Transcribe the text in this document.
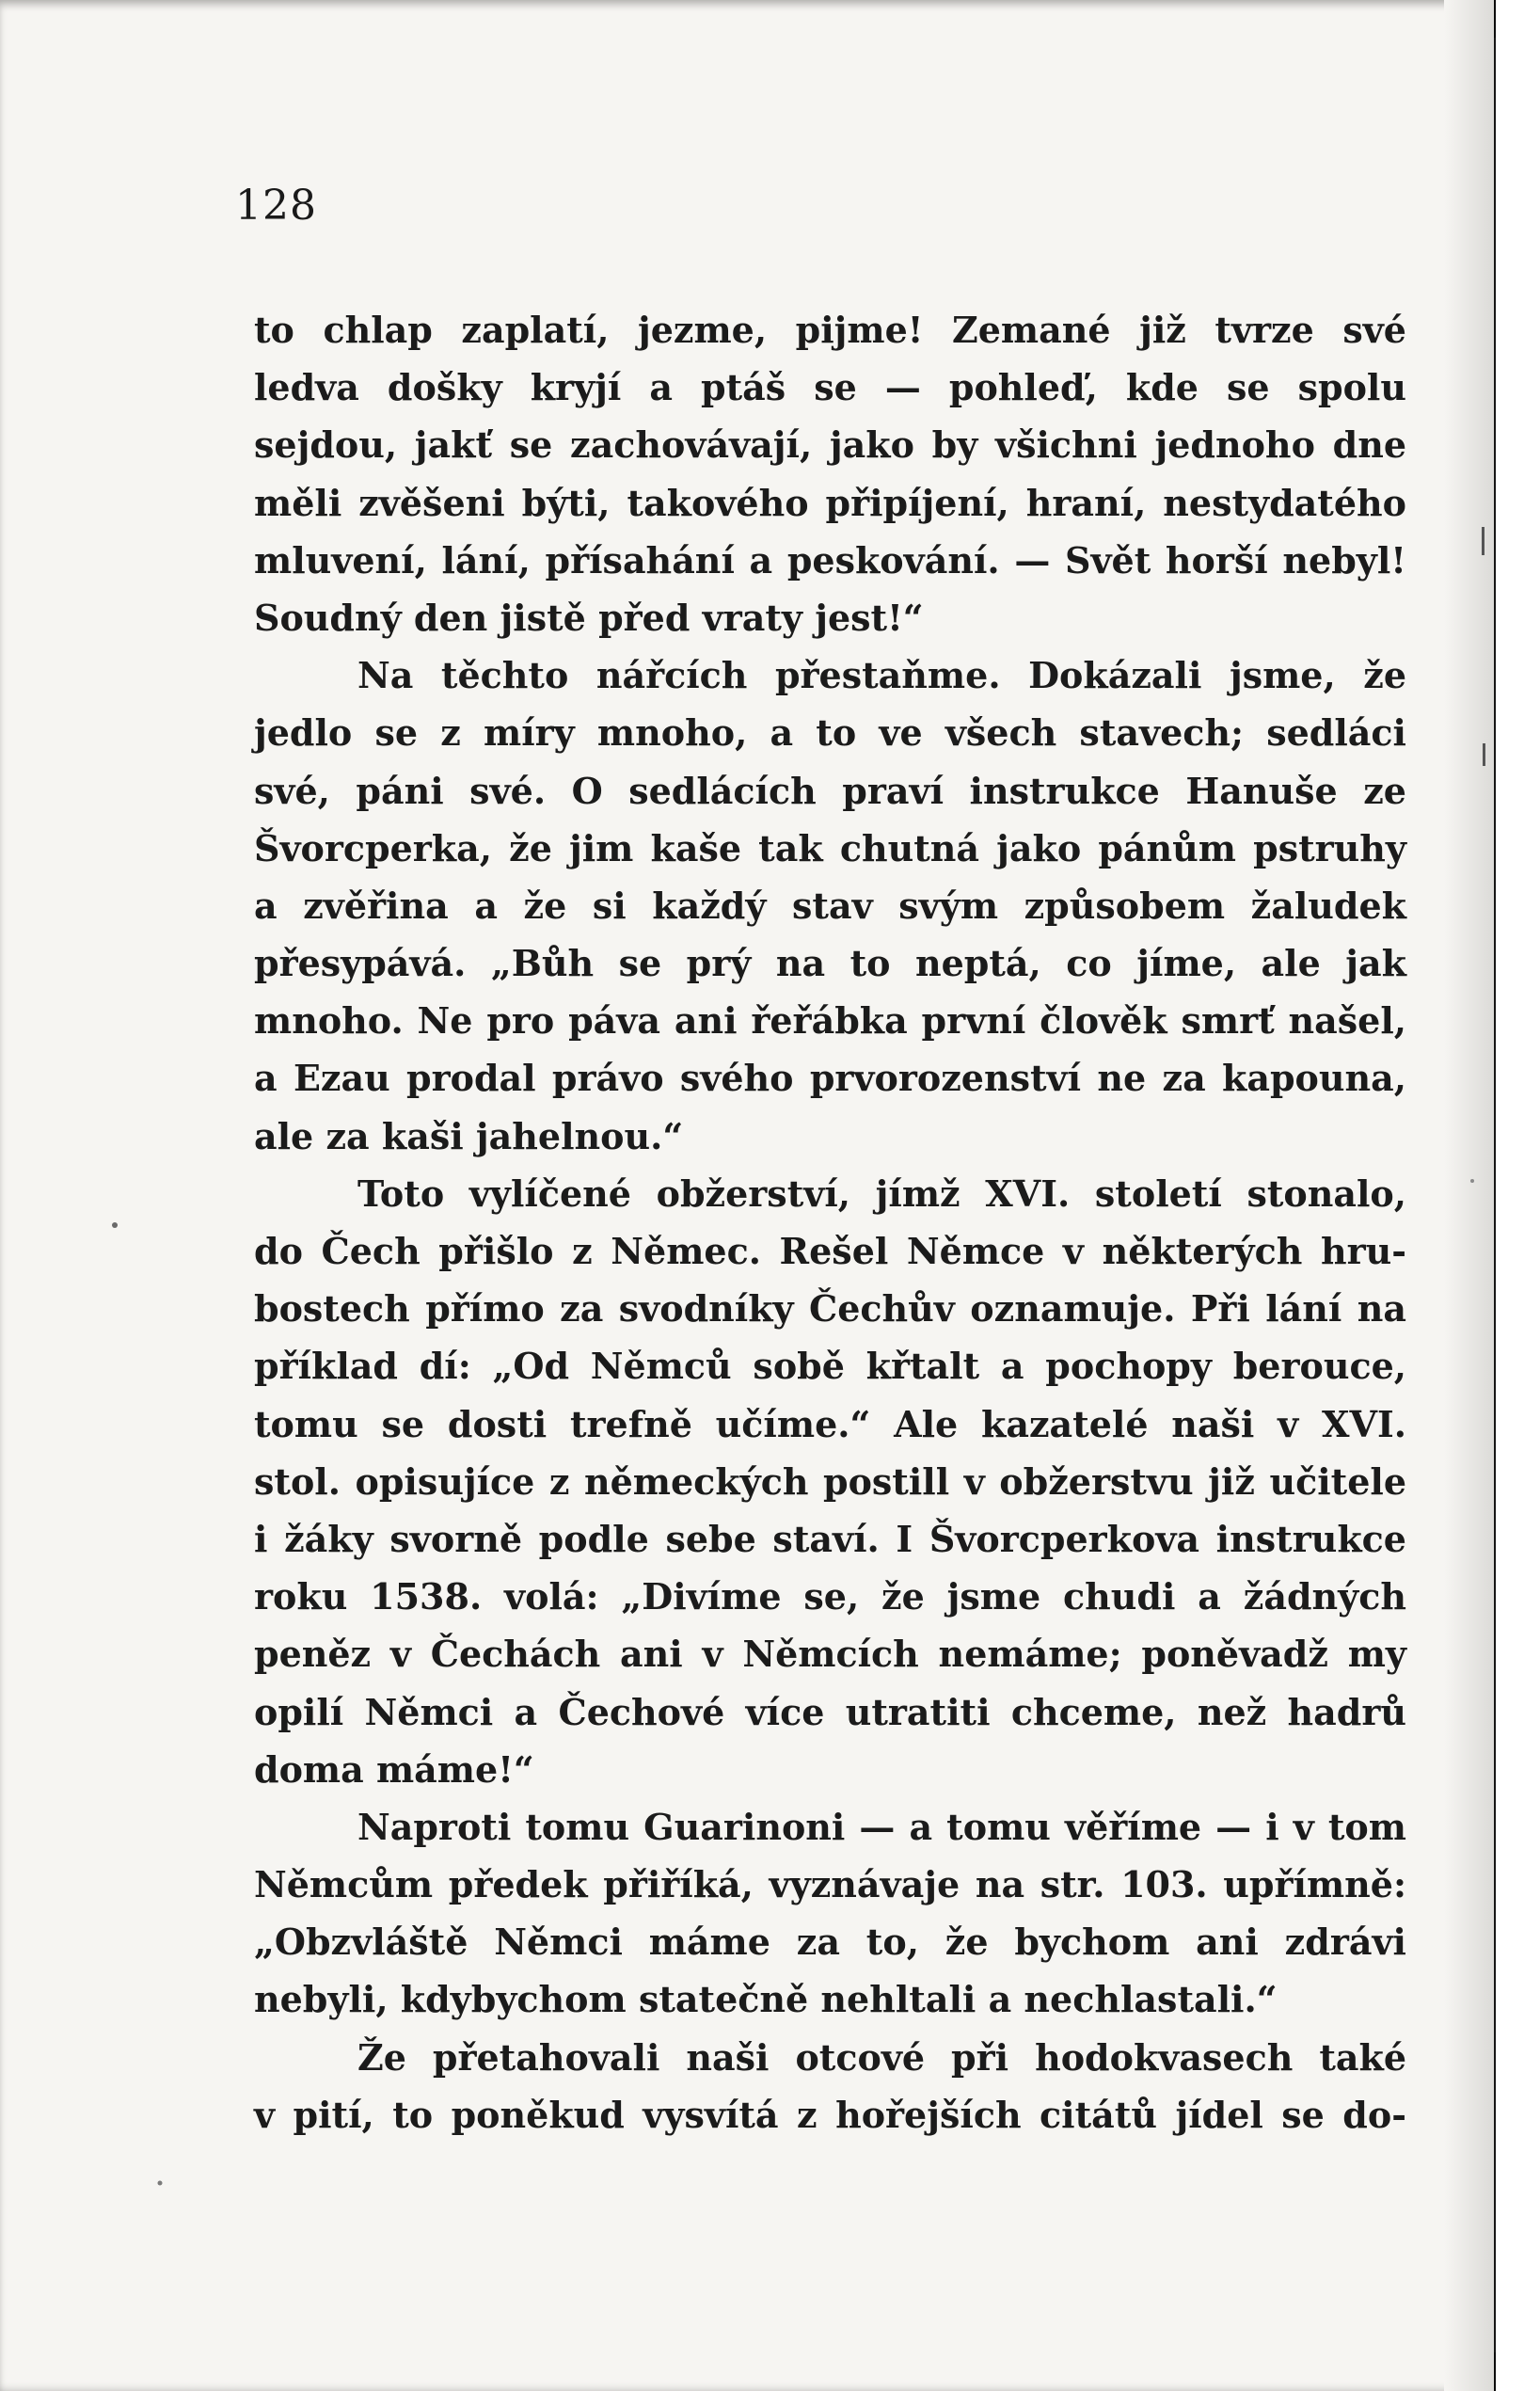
128
to chlap zaplatí, jezme, pijme! Zemané již tvrze své
ledva došky kryjí a ptáš se — pohleď, kde se spolu
sejdou, jakť se zachovávají, jako by všichni jednoho dne
měli zvěšeni býti, takového připíjení, hraní, nestydatého
mluvení, lání, přísahání a peskování. — Svět horší nebyl!
Soudný den jistě před vraty jest!“
Na těchto nářcích přestaňme. Dokázali jsme, že
jedlo se z míry mnoho, a to ve všech stavech; sedláci
své, páni své. O sedlácích praví instrukce Hanuše ze
Švorcperka, že jim kaše tak chutná jako pánům pstruhy
a zvěřina a že si každý stav svým způsobem žaludek
přesypává. „Bůh se prý na to neptá, co jíme, ale jak
mnoho. Ne pro páva ani řeřábka první člověk smrť našel,
a Ezau prodal právo svého prvorozenství ne za kapouna,
ale za kaši jahelnou.“
Toto vylíčené obžerství, jímž XVI. století stonalo,
do Čech přišlo z Němec. Rešel Němce v některých hru-
bostech přímo za svodníky Čechův oznamuje. Při lání na
příklad dí: „Od Němců sobě křtalt a pochopy berouce,
tomu se dosti trefně učíme.“ Ale kazatelé naši v XVI.
stol. opisujíce z německých postill v obžerstvu již učitele
i žáky svorně podle sebe staví. I Švorcperkova instrukce
roku 1538. volá: „Divíme se, že jsme chudi a žádných
peněz v Čechách ani v Němcích nemáme; poněvadž my
opilí Němci a Čechové více utratiti chceme, než hadrů
doma máme!“
Naproti tomu Guarinoni — a tomu věříme — i v tom
Němcům předek přiříká, vyznávaje na str. 103. upřímně:
„Obzvláště Němci máme za to, že bychom ani zdrávi
nebyli, kdybychom statečně nehltali a nechlastali.“
Že přetahovali naši otcové při hodokvasech také
v pití, to poněkud vysvítá z hořejších citátů jídel se do-
